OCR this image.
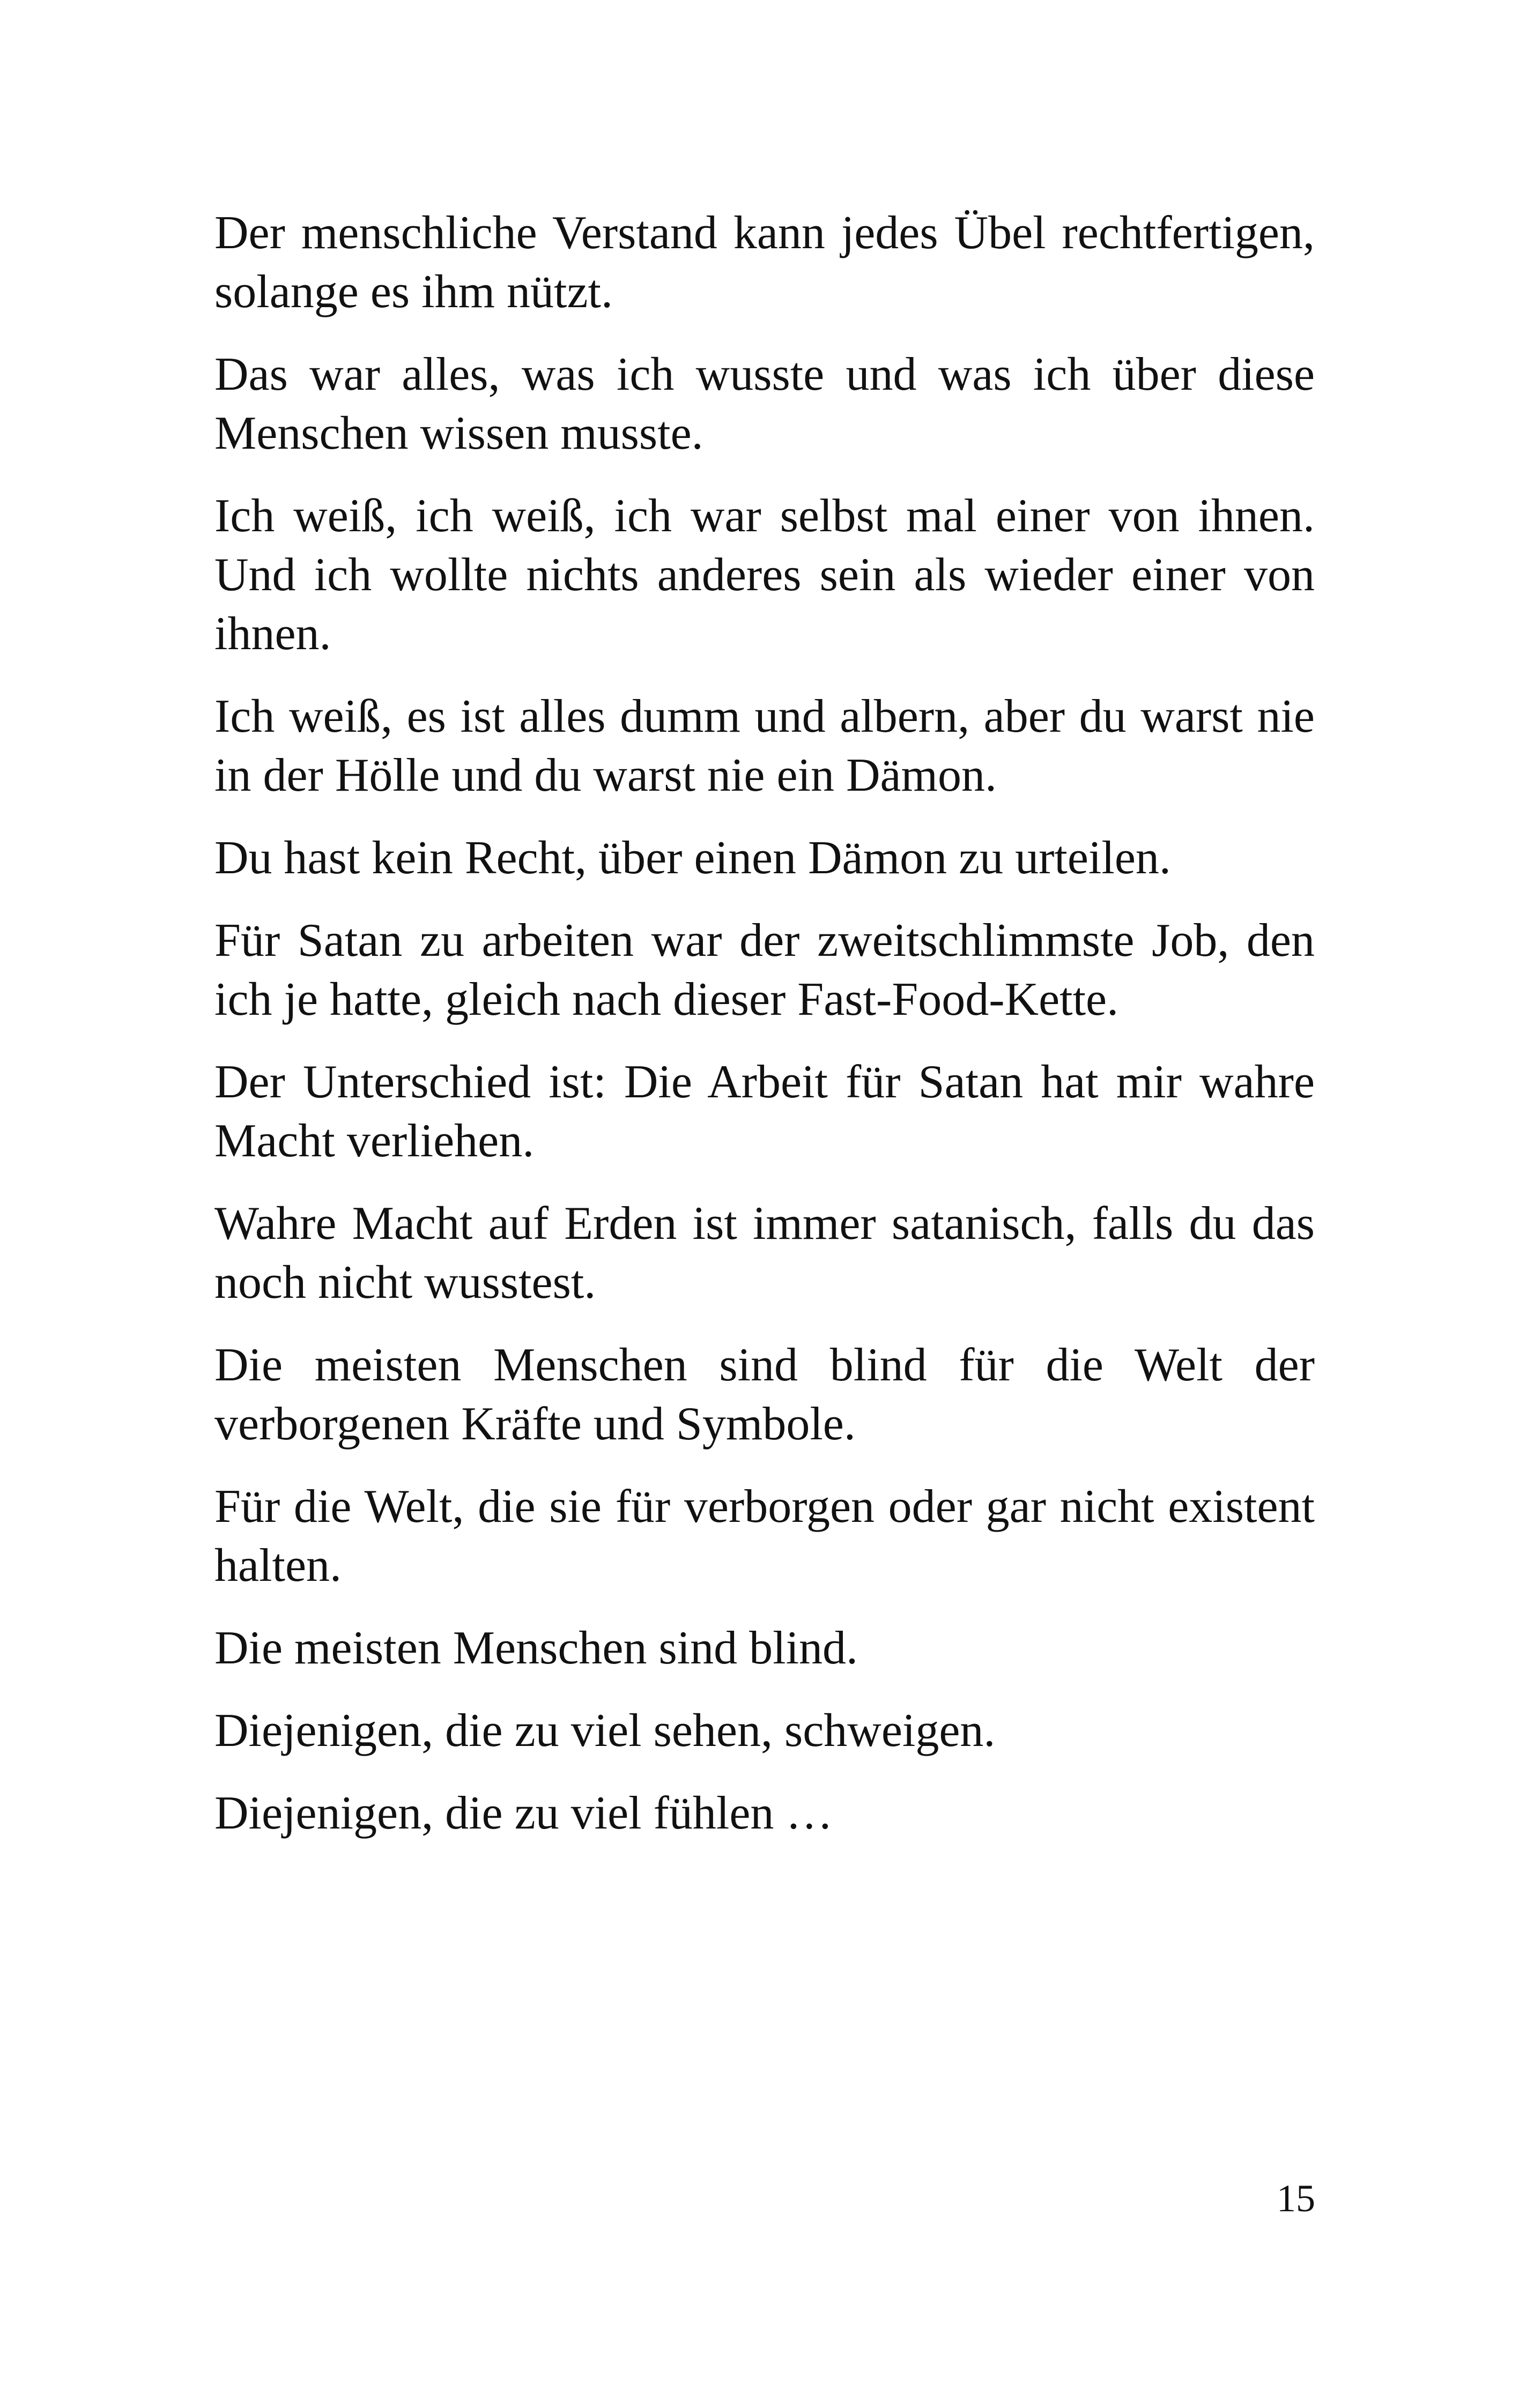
Der menschliche Verstand kann jedes Übel rechtfertigen, solange es ihm nützt.

Das war alles, was ich wusste und was ich über diese Menschen wissen musste.

Ich weiß, ich weiß, ich war selbst mal einer von ihnen. Und ich wollte nichts anderes sein als wieder einer von ihnen.

Ich weiß, es ist alles dumm und albern, aber du warst nie in der Hölle und du warst nie ein Dämon.

Du hast kein Recht, über einen Dämon zu urteilen.

Für Satan zu arbeiten war der zweitschlimmste Job, den ich je hatte, gleich nach dieser Fast-Food-Kette.

Der Unterschied ist: Die Arbeit für Satan hat mir wahre Macht verliehen.

Wahre Macht auf Erden ist immer satanisch, falls du das noch nicht wusstest.

Die meisten Menschen sind blind für die Welt der verborgenen Kräfte und Symbole.

Für die Welt, die sie für verborgen oder gar nicht existent halten.

Die meisten Menschen sind blind.

Diejenigen, die zu viel sehen, schweigen.

Diejenigen, die zu viel fühlen …

15
